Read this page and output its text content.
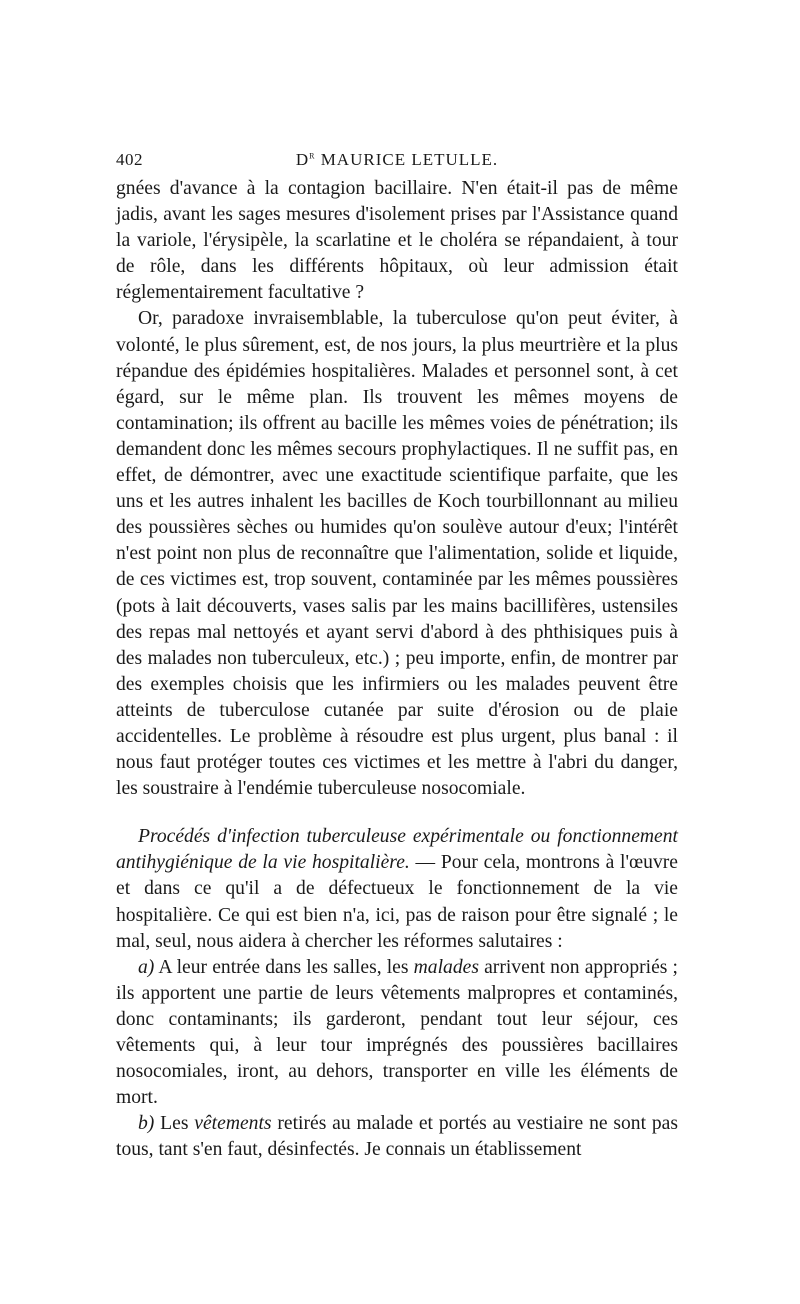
402	$D^r$ MAURICE LETULLE.

gnées d'avance à la contagion bacillaire. N'en était-il pas de même jadis, avant les sages mesures d'isolement prises par l'Assistance quand la variole, l'érysipèle, la scarlatine et le choléra se répandaient, à tour de rôle, dans les différents hôpitaux, où leur admission était réglementairement facultative ?

Or, paradoxe invraisemblable, la tuberculose qu'on peut éviter, à volonté, le plus sûrement, est, de nos jours, la plus meurtrière et la plus répandue des épidémies hospitalières. Malades et personnel sont, à cet égard, sur le même plan. Ils trouvent les mêmes moyens de contamination; ils offrent au bacille les mêmes voies de pénétration; ils demandent donc les mêmes secours prophylactiques. Il ne suffit pas, en effet, de démontrer, avec une exactitude scientifique parfaite, que les uns et les autres inhalent les bacilles de Koch tourbillonnant au milieu des poussières sèches ou humides qu'on soulève autour d'eux; l'intérêt n'est point non plus de reconnaître que l'alimentation, solide et liquide, de ces victimes est, trop souvent, contaminée par les mêmes poussières (pots à lait découverts, vases salis par les mains bacillifères, ustensiles des repas mal nettoyés et ayant servi d'abord à des phthisiques puis à des malades non tuberculeux, etc.) ; peu importe, enfin, de montrer par des exemples choisis que les infirmiers ou les malades peuvent être atteints de tuberculose cutanée par suite d'érosion ou de plaie accidentelles. Le problème à résoudre est plus urgent, plus banal : il nous faut protéger toutes ces victimes et les mettre à l'abri du danger, les soustraire à l'endémie tuberculeuse nosocomiale.

Procédés d'infection tuberculeuse expérimentale ou fonctionnement antihygiénique de la vie hospitalière. — Pour cela, montrons à l'œuvre et dans ce qu'il a de défectueux le fonctionnement de la vie hospitalière. Ce qui est bien n'a, ici, pas de raison pour être signalé ; le mal, seul, nous aidera à chercher les réformes salutaires :

a) A leur entrée dans les salles, les malades arrivent non appropriés ; ils apportent une partie de leurs vêtements malpropres et contaminés, donc contaminants; ils garderont, pendant tout leur séjour, ces vêtements qui, à leur tour imprégnés des poussières bacillaires nosocomiales, iront, au dehors, transporter en ville les éléments de mort.

b) Les vêtements retirés au malade et portés au vestiaire ne sont pas tous, tant s'en faut, désinfectés. Je connais un établissement
